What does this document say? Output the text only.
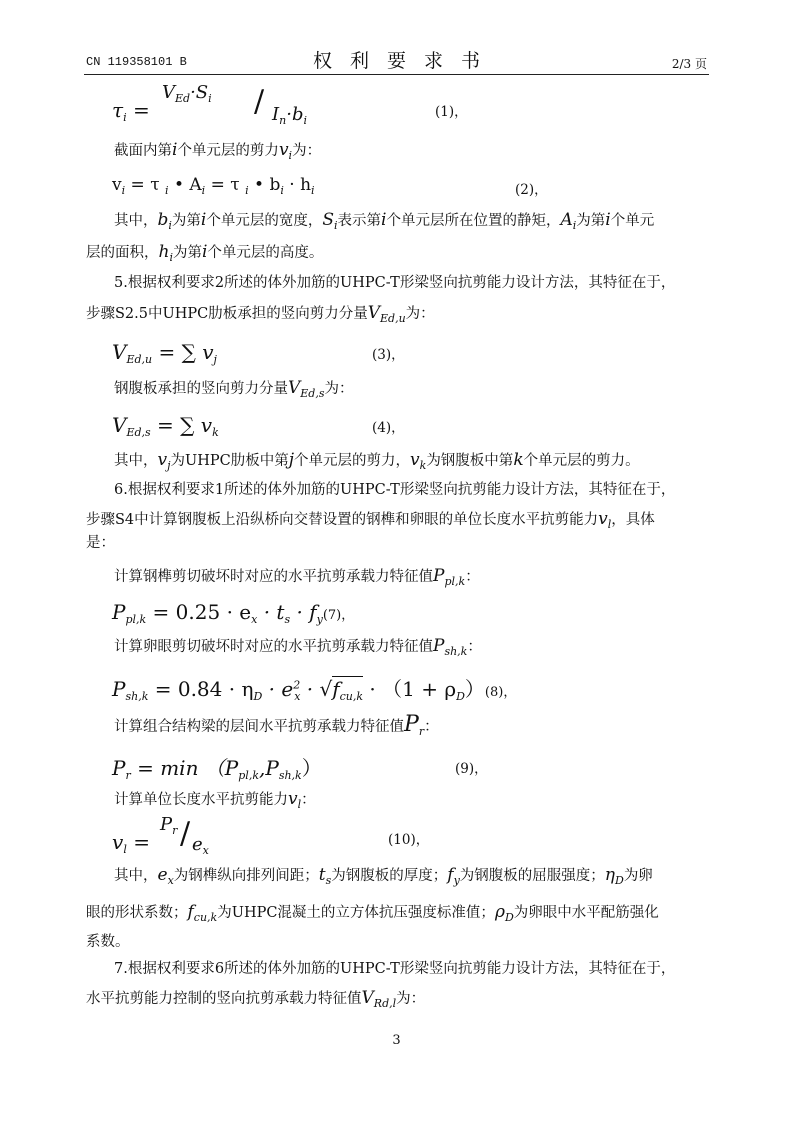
CN 119358101 B	权利要求书	2/3 页
$\tau_i$ =
$V_{Ed}\cdot S_i / I_n\cdot b_i$
(1)，
截面内第i个单元层的剪力$v_i$为：
$v_i = \tau$ $_i$ • $A_i = \tau$ $_i$ • $b_i \cdot h_i$	(2)，
其中，$b_i$为第i个单元层的宽度，$S_i$表示第i个单元层所在位置的静矩，$A_i$为第i个单元
层的面积，$h_i$为第i个单元层的高度。
5.根据权利要求2所述的体外加筋的UHPC-T形梁竖向抗剪能力设计方法，其特征在于，
步骤S2.5中UHPC肋板承担的竖向剪力分量$V_{Ed,u}$为：
$V_{Ed,u}$ = ∑ $v_j$	(3)，
钢腹板承担的竖向剪力分量$V_{Ed,s}$为：
$V_{Ed,s}$ = ∑ $v_k$	(4)，
其中，$v_j$为UHPC肋板中第j个单元层的剪力，$v_k$为钢腹板中第k个单元层的剪力。
6.根据权利要求1所述的体外加筋的UHPC-T形梁竖向抗剪能力设计方法，其特征在于，
步骤S4中计算钢腹板上沿纵桥向交替设置的钢榫和卵眼的单位长度水平抗剪能力$v_l$，具体
是：
计算钢榫剪切破坏时对应的水平抗剪承载力特征值$P_{pl,k}$：
$P_{pl,k} = 0.25 \cdot e_x \cdot t_s \cdot f_y(7)$，
计算卵眼剪切破坏时对应的水平抗剪承载力特征值$P_{sh,k}$：
$P_{sh,k} = 0.84 \cdot \eta_D \cdot e^2_x \cdot √f_{cu,k} \cdot (1 + \rho_D)(8)$，
计算组合结构梁的层间水平抗剪承载力特征值$P_r$：
$P_r = \min (P_{pl,k},P_{sh,k})$	(9)，
计算单位长度水平抗剪能力$v_l$：
$v_l$ =
$P_r / e_x$
(10)，
其中，$e_x$为钢榫纵向排列间距；$t_s$为钢腹板的厚度；$f_y$为钢腹板的屈服强度；$\eta_D$为卵
眼的形状系数；$f_{cu,k}$为UHPC混凝土的立方体抗压强度标准值；$\rho_D$为卵眼中水平配筋强化
系数。
7.根据权利要求6所述的体外加筋的UHPC-T形梁竖向抗剪能力设计方法，其特征在于，
水平抗剪能力控制的竖向抗剪承载力特征值$V_{Rd,l}$为：
3
